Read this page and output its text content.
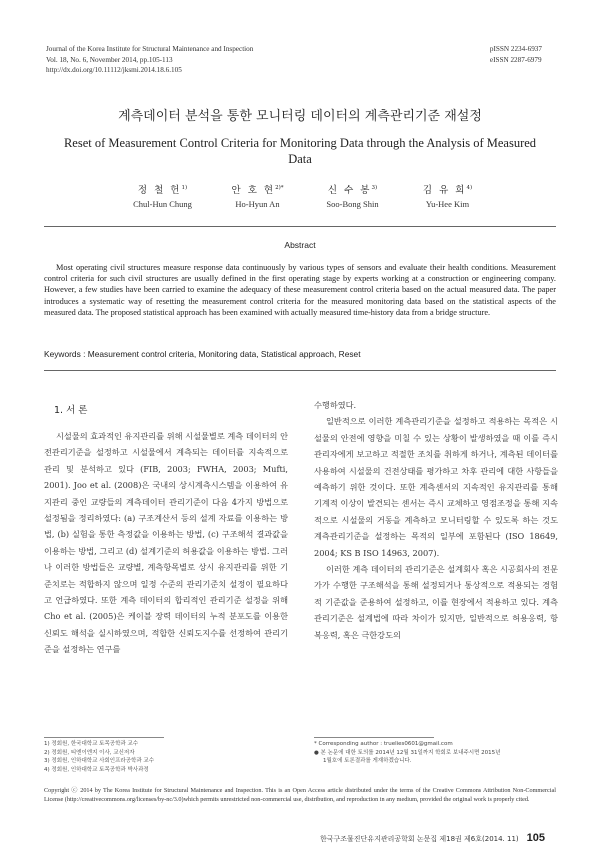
Journal of the Korea Institute for Structural Maintenance and Inspection
Vol. 18, No. 6, November 2014, pp.105-113
http://dx.doi.org/10.11112/jksmi.2014.18.6.105
pISSN 2234-6937
eISSN 2287-6979
계측데이터 분석을 통한 모니터링 데이터의 계측관리기준 재설정
Reset of Measurement Control Criteria for Monitoring Data through the Analysis of Measured Data
정 철 헌$^{1)}$
Chul-Hun Chung
안 호 현$^{2)*}$
Ho-Hyun An
신 수 봉$^{3)}$
Soo-Bong Shin
김 유 희$^{4)}$
Yu-Hee Kim
Abstract
Most operating civil structures measure response data continuously by various types of sensors and evaluate their health conditions. Measurement control criteria for such civil structures are usually defined in the first operating stage by experts working at a construction or engineering company. However, a few studies have been carried to examine the adequacy of these measurement control criteria based on the actual measured data. The paper introduces a systematic way of resetting the measurement control criteria for the measured monitoring data based on the statistical aspects of the measured data. The proposed statistical approach has been examined with actually measured time-history data from a bridge structure.
Keywords : Measurement control criteria, Monitoring data, Statistical approach, Reset
1. 서 론
시설물의 효과적인 유지관리를 위해 시설물별로 계측 데이터의 안전관리기준을 설정하고 시설물에서 계측되는 데이터를 지속적으로 관리 및 분석하고 있다 (FIB, 2003; FWHA, 2003; Mufti, 2001). Joo et al. (2008)은 국내의 상시계측시스템을 이용하여 유지관리 중인 교량들의 계측데이터 관리기준이 다음 4가지 방법으로 설정됨을 정리하였다: (a) 구조계산서 등의 설계 자료를 이용하는 방법, (b) 실험을 통한 측정값을 이용하는 방법, (c) 구조해석 결과값을 이용하는 방법, 그리고 (d) 설계기준의 허용값을 이용하는 방법. 그러나 이러한 방법들은 교량별, 계측항목별로 상시 유지관리를 위한 기준치로는 적합하지 않으며 일정 수준의 관리기준치 설정이 필요하다고 언급하였다. 또한 계측 데이터의 합리적인 관리기준 설정을 위해 Cho et al. (2005)은 케이블 장력 데이터의 누적 분포도를 이용한 신뢰도 해석을 실시하였으며, 적합한 신뢰도지수를 선정하여 관리기준을 설정하는 연구를
수행하였다.
일반적으로 이러한 계측관리기준을 설정하고 적용하는 목적은 시설물의 안전에 영향을 미칠 수 있는 상황이 발생하였을 때 이를 즉시 관리자에게 보고하고 적절한 조치를 취하게 하거나, 계측된 데이터를 사용하여 시설물의 건전상태를 평가하고 차후 관리에 대한 사항들을 예측하기 위한 것이다. 또한 계측센서의 지속적인 유지관리를 통해 기계적 이상이 발견되는 센서는 즉시 교체하고 영점조정을 통해 지속적으로 시설물의 거동을 계측하고 모니터링할 수 있도록 하는 것도 계측관리기준을 설정하는 목적의 일부에 포함된다 (ISO 18649, 2004; KS B ISO 14963, 2007).
이러한 계측 데이터의 관리기준은 설계회사 혹은 시공회사의 전문가가 수행한 구조해석을 통해 설정되거나 통상적으로 적용되는 경험적 기준값을 준용하여 설정하고, 이를 현장에서 적용하고 있다. 계측관리기준은 설계법에 따라 차이가 있지만, 일반적으로 허용응력, 항복응력, 혹은 극한강도의
1) 정회원, 한국대학교 토목공학과 교수
2) 정회원, 티엔이엔지 이사, 교신저자
3) 정회원, 인하대학교 사회인프라공학과 교수
4) 정회원, 인하대학교 토목공학과 박사과정
* Corresponding author : truelies0601@gmail.com
● 본 논문에 대한 토의를 2014년 12월 31일까지 학회로 보내주시면 2015년
1월호에 토론결과를 게재하겠습니다.
Copyright ⓒ 2014 by The Korea Institute for Structural Maintenance and Inspection. This is an Open Access article distributed under the terms of the Creative Commons Attribution Non-Commercial License (http://creativecommons.org/licenses/by-nc/3.0)which permits unrestricted non-commercial use, distribution, and reproduction in any medium, provided the original work is properly cited.
한국구조물진단유지관리공학회 논문집 제18권 제6호(2014. 11) 105
